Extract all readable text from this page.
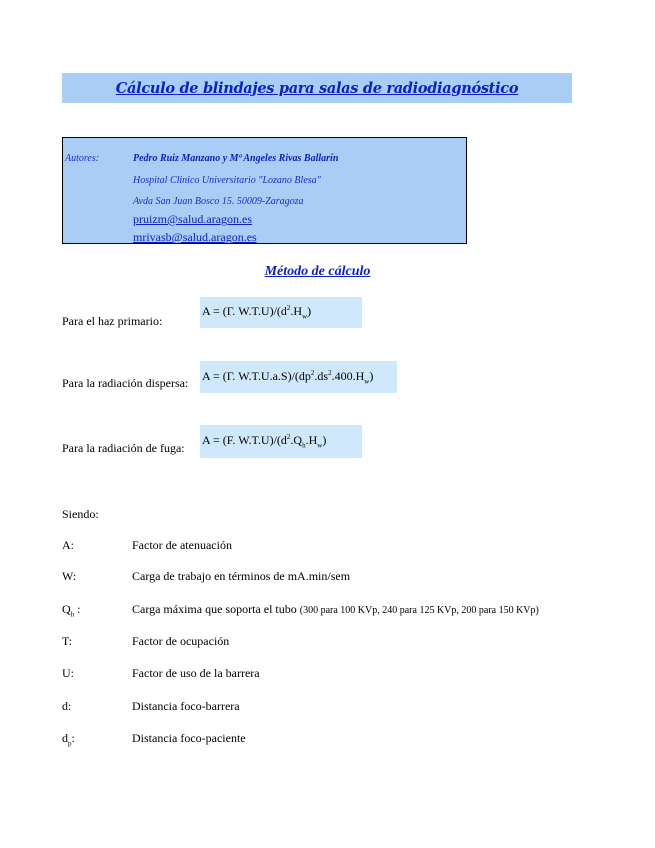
Cálculo de blindajes para salas de radiodiagnóstico
Autores:	Pedro Ruiz Manzano y Mª Angeles Rivas Ballarín
Hospital Clinico Universitario "Lozano Blesa"
Avda San Juan Bosco 15. 50009-Zaragoza
pruizm@salud.aragon.es
mrivasb@salud.aragon.es
Método de cálculo
Para el haz primario:
A = (Γ. $W.T.U)/(d^2.H_w)$
Para la radiación dispersa:
A = (Γ. $W.T.U.a.S)/(dp^2.ds^2.400.H_w)$
Para la radiación de fuga:
A = (F. $W.T.U)/(d^2.Q_h.H_w)$
Siendo:
A:	Factor de atenuación
W:	Carga de trabajo en términos de mA.min/sem
$Q_h$ :	Carga máxima que soporta el tubo (300 para 100 KVp, 240 para 125 KVp, 200 para 150 KVp)
T:	Factor de ocupación
U:	Factor de uso de la barrera
d:	Distancia foco-barrera
$d_p$:	Distancia foco-paciente
